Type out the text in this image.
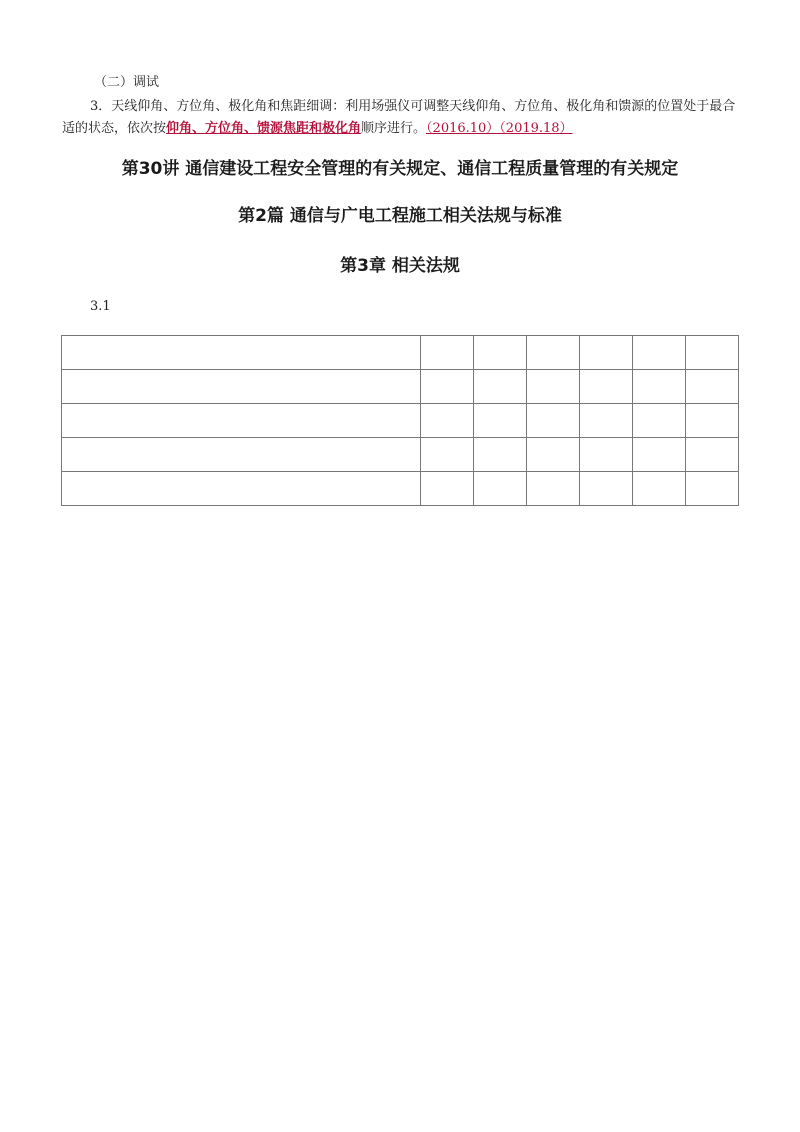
（二）调试
3．天线仰角、方位角、极化角和焦距细调：利用场强仪可调整天线仰角、方位角、极化角和馈源的位置处于最合适的状态，依次按仰角、方位角、馈源焦距和极化角顺序进行。（2016.10）（2019.18）
第30讲 通信建设工程安全管理的有关规定、通信工程质量管理的有关规定
第2篇 通信与广电工程施工相关法规与标准
第3章 相关法规
3.1
